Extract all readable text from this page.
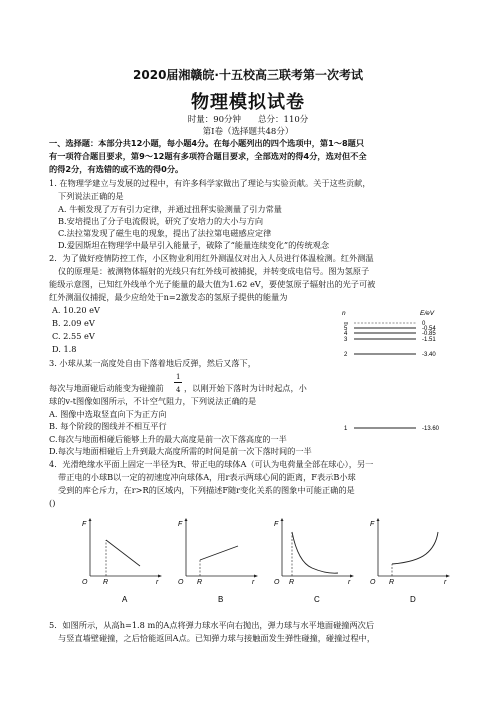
2020届湘赣皖·十五校高三联考第一次考试
物理模拟试卷
时量：90分钟　　总分：110分
第Ⅰ卷（选择题共48分）
一、选择题：本部分共12小题，每小题4分。在每小题列出的四个选项中，第1～8题只
有一项符合题目要求，第9～12题有多项符合题目要求，全部选对的得4分，选对但不全
的得2分，有选错的或不选的得0分。
1. 在物理学建立与发展的过程中，有许多科学家做出了理论与实验贡献。关于这些贡献，
下列说法正确的是
A. 牛顿发现了万有引力定律，并通过扭秤实验测量了引力常量
B.安培提出了分子电流假说，研究了安培力的大小与方向
C.法拉第发现了磁生电的现象，提出了法拉第电磁感应定律
D.爱因斯坦在物理学中最早引入能量子，破除了“能量连续变化”的传统观念
2．为了做好疫情防控工作，小区物业利用红外测温仪对出入人员进行体温检测。红外测温
仪的原理是：被测物体辐射的光线只有红外线可被捕捉，并转变成电信号。图为氢原子
能级示意图，已知红外线单个光子能量的最大值为1.62 eV，要使氢原子辐射出的光子可被
红外测温仪捕捉，最少应给处于n=2激发态的氢原子提供的能量为
A. 10.20 eV
B. 2.09 eV
C. 2.55 eV
D. 1.8
n	E/eV
∞	0
5	-0.54
4	-0.85
3	-1.51
2	-3.40
1	-13.60
3. 小球从某一高度处自由下落着地后反弹，然后又落下，
1
每次与地面碰后动能变为碰撞前 4 ，以刚开始下落时为计时起点，小
球的v-t图像如图所示，不计空气阻力，下列说法正确的是
A. 图像中选取竖直向下为正方向
B. 每个阶段的图线并不相互平行
C.每次与地面相碰后能够上升的最大高度是前一次下落高度的一半
D.每次与地面相碰后上升到最大高度所需的时间是前一次下落时间的一半
4．光滑绝缘水平面上固定一半径为R、带正电的球体A（可认为电荷量全部在球心），另一
带正电的小球B以一定的初速度冲向球体A，用r表示两球心间的距离，F表示B小球
受到的库仑斥力，在r>R的区域内，下列描述F随r变化关系的图象中可能正确的是
()
F
O R	r
A
F
O R	r
B
F
O R	r
C
F
O R	r
D
5．如图所示，从高h=1.8 m的A点将弹力球水平向右抛出，弹力球与水平地面碰撞两次后
与竖直墙壁碰撞，之后恰能返回A点。已知弹力球与接触面发生弹性碰撞，碰撞过程中，
